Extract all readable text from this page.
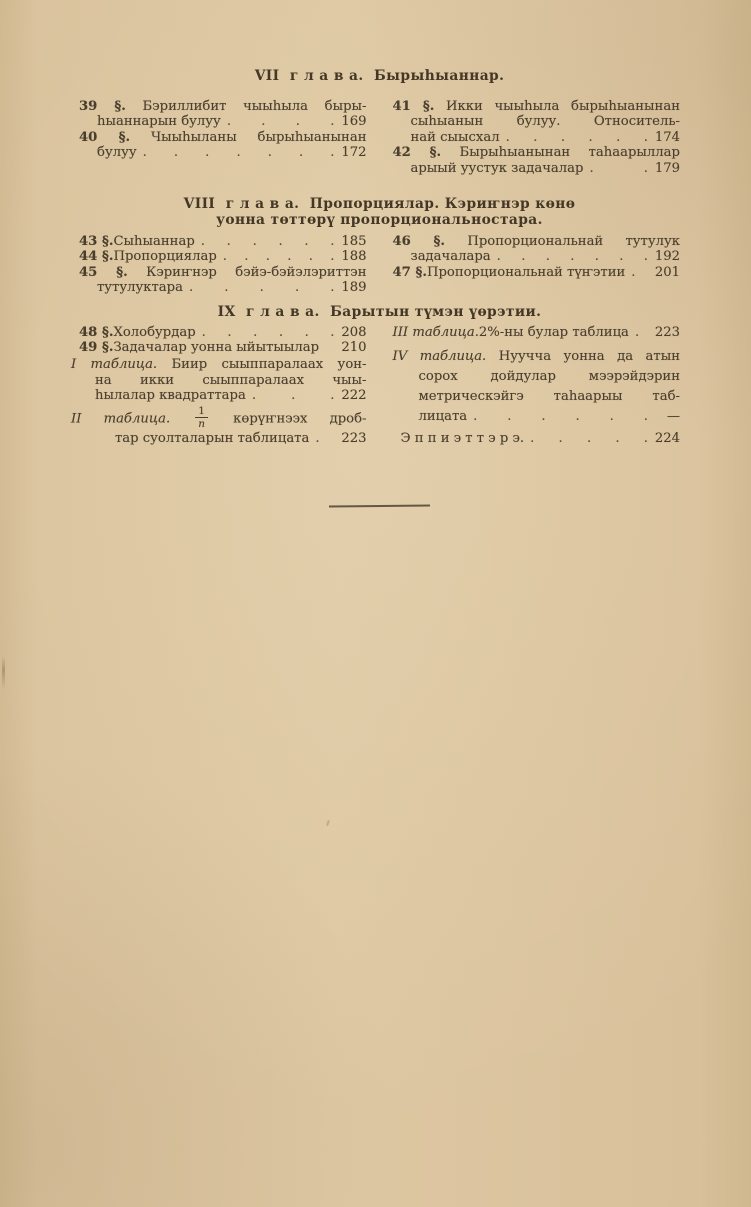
VII  г л а в а.  Бырыһыаннар.
39 §. Бэриллибит чыыһыла быры-
һыаннарын булуу . . . . 169
40 §. Чыыһыланы бырыһыанынан
булуу . . . . . . . 172
41 §. Икки чыыһыла бырыһыанынан
сыһыанын булуу. Относитель-
най сыысхал . . . . . . 174
42 §. Бырыһыанынан таһаарыллар
арыый уустук задачалар . . 179
VIII  г л а в а.  Пропорциялар. Кэриҥнэр көнө
уонна төттөрү пропорциональностара.
43 §. Сыһыаннар . . . . . . 185
44 §. Пропорциялар . . . . . . 188
45 §. Кэриҥнэр бэйэ-бэйэлэриттэн
тутулуктара . . . . . 189
46 §. Пропорциональнай тутулук
задачалара . . . . . . . 192
47 §. Пропорциональнай түҥэтии .	201
IX  г л а в а.  Барытын түмэн үөрэтии.
48 §. Холобурдар . . . . . . 208
49 §. Задачалар уонна ыйытыылар 210
I таблица. Биир сыыппаралаах уон-
на икки сыыппаралаах чыы-
һылалар квадраттара . . . 222
II таблица. $\frac{1}{n}$ көрүҥнээх дроб-
тар суолталарын таблицата .	223
III таблица. 2%-ны булар таблица .	223
IV таблица. Нуучча уонна да атын
сорох дойдулар мээрэйдэрин
метрическэйгэ таһаарыы таб-
лицата . . . . . .	—
Э п п и э т т э р э. . . . . . 224
